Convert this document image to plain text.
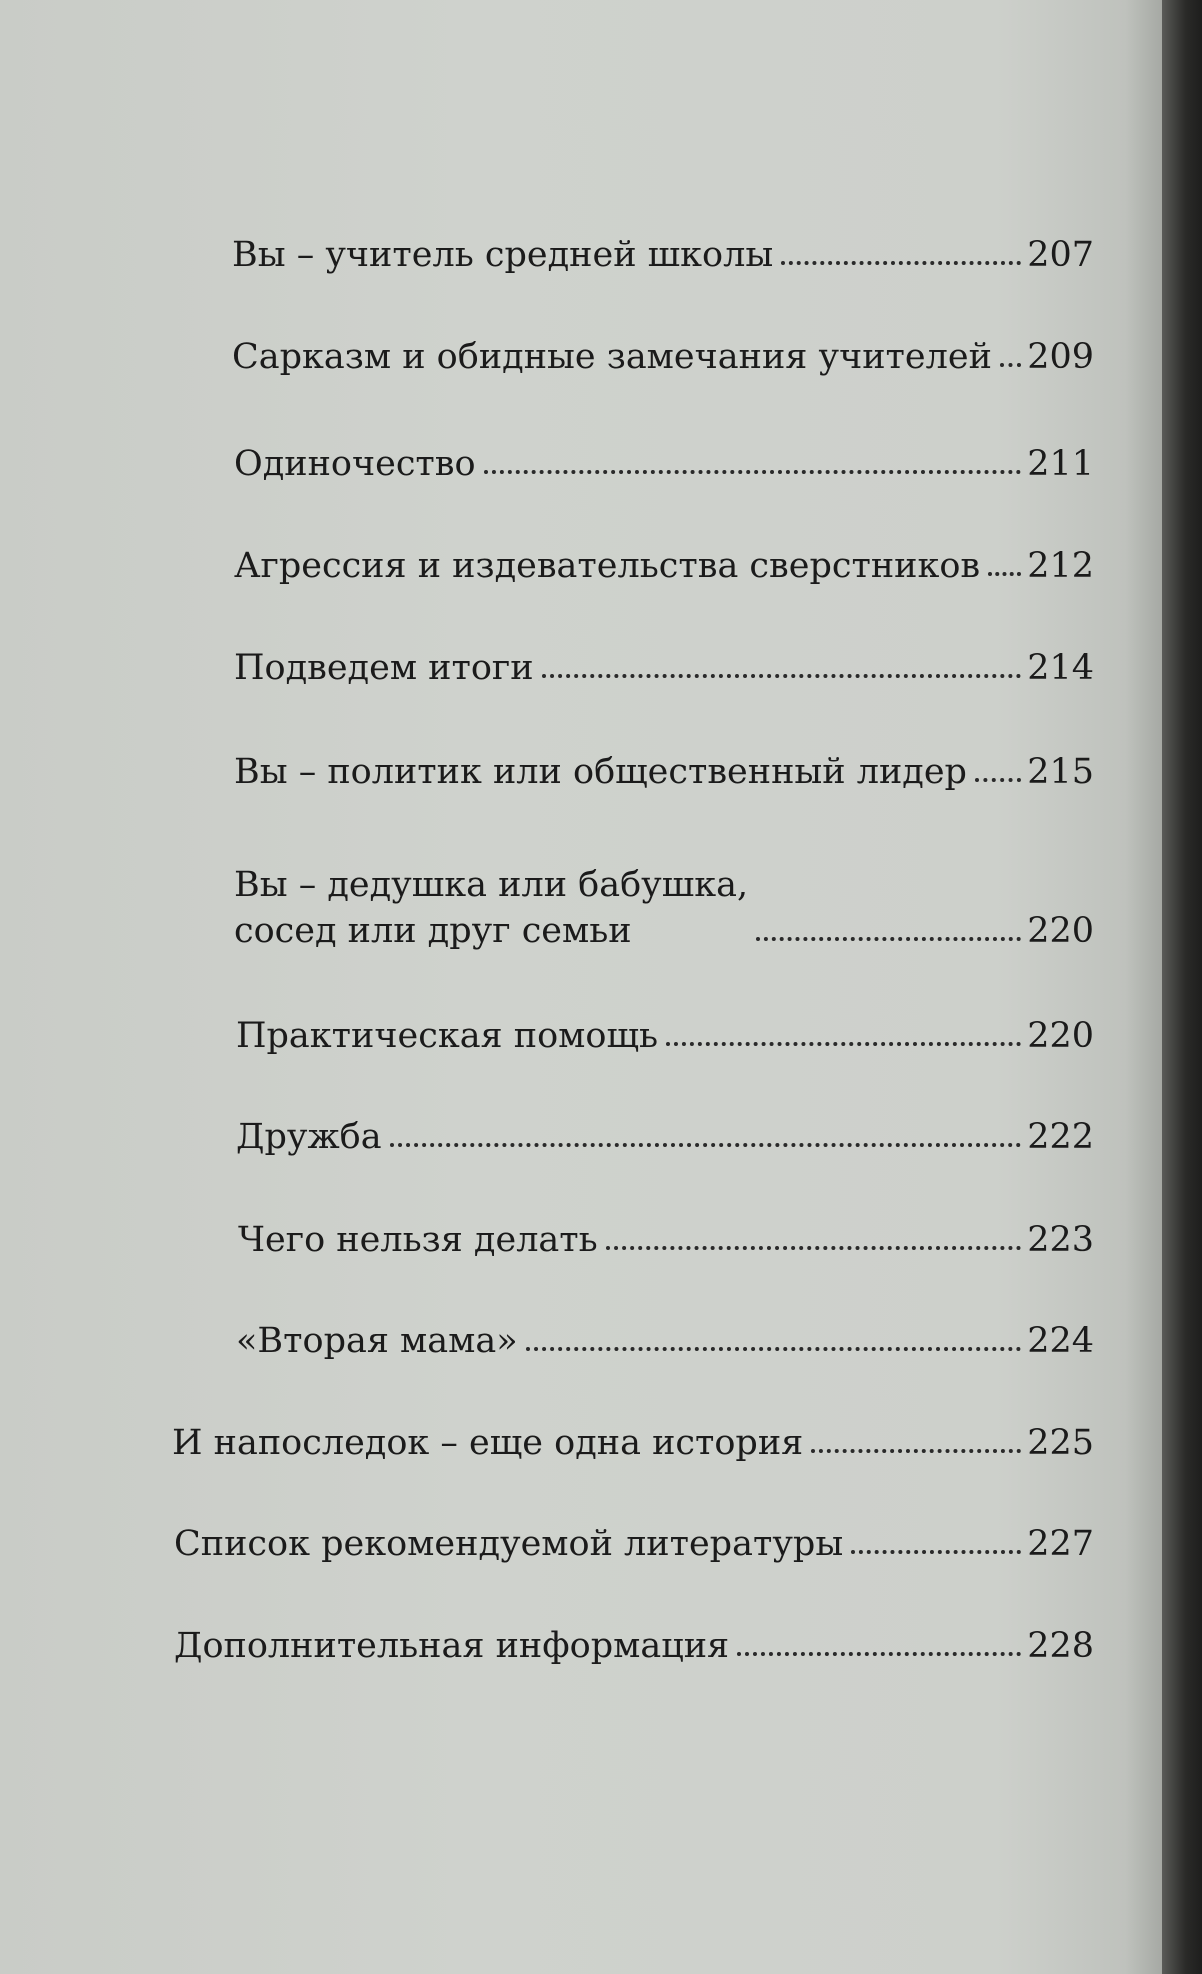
Вы – учитель средней школы	207
Сарказм и обидные замечания учителей 209
Одиночество	211
Агрессия и издевательства сверстников 212
Подведем итоги	214
Вы – политик или общественный лидер 215
Вы – дедушка или бабушка,
сосед или друг семьи	220
Практическая помощь	220
Дружба	222
Чего нельзя делать	223
«Вторая мама»	224
И напоследок – еще одна история	225
Список рекомендуемой литературы	227
Дополнительная информация	228
